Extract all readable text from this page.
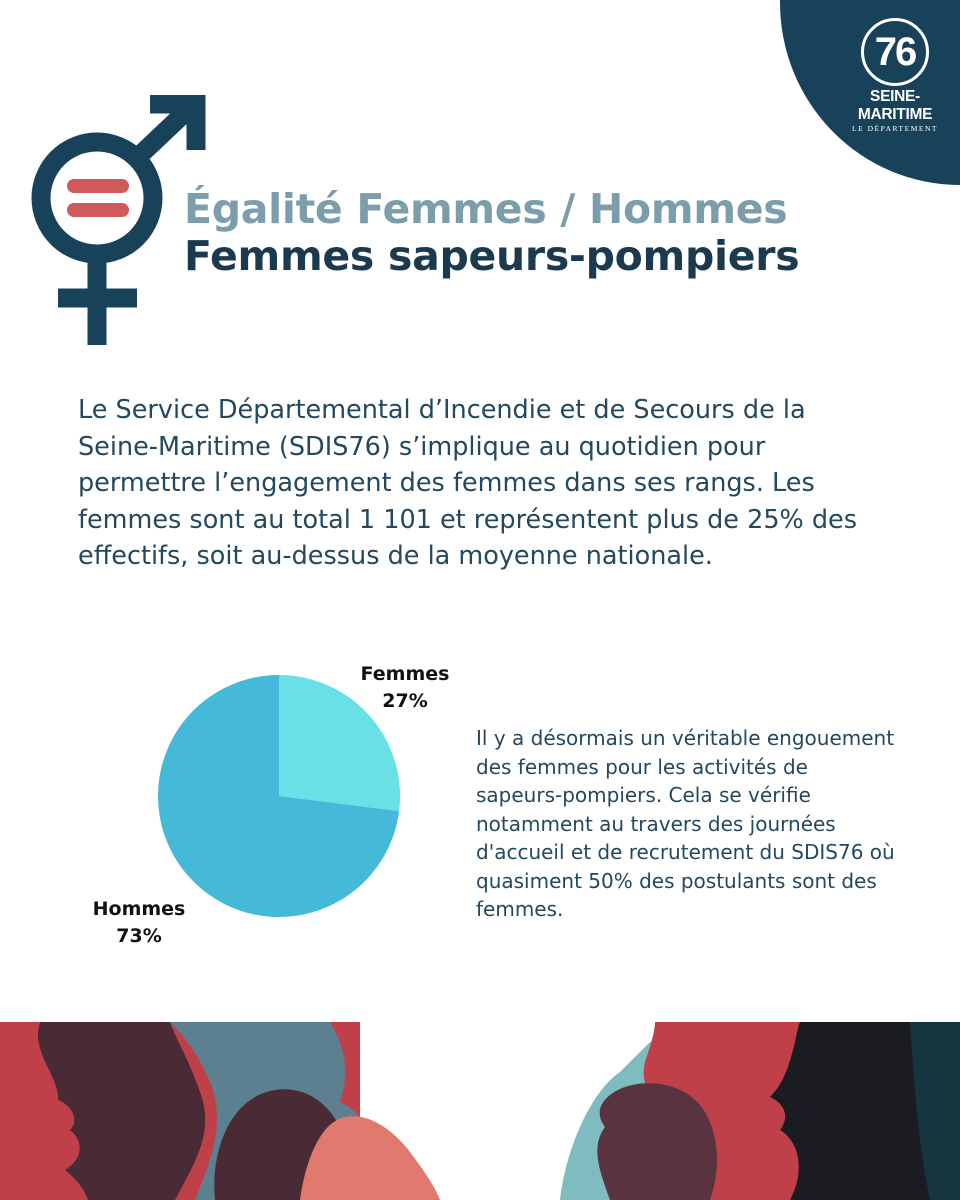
76
SEINE-MARITIME
LE DÉPARTEMENT
Égalité Femmes / Hommes
Femmes sapeurs-pompiers

Le Service Départemental d’Incendie et de Secours de la Seine-Maritime (SDIS76) s’implique au quotidien pour permettre l’engagement des femmes dans ses rangs. Les femmes sont au total 1 101 et représentent plus de 25% des effectifs, soit au-dessus de la moyenne nationale.

Femmes
27%
Hommes
73%

Il y a désormais un véritable engouement des femmes pour les activités de sapeurs-pompiers. Cela se vérifie notamment au travers des journées d'accueil et de recrutement du SDIS76 où quasiment 50% des postulants sont des femmes.
